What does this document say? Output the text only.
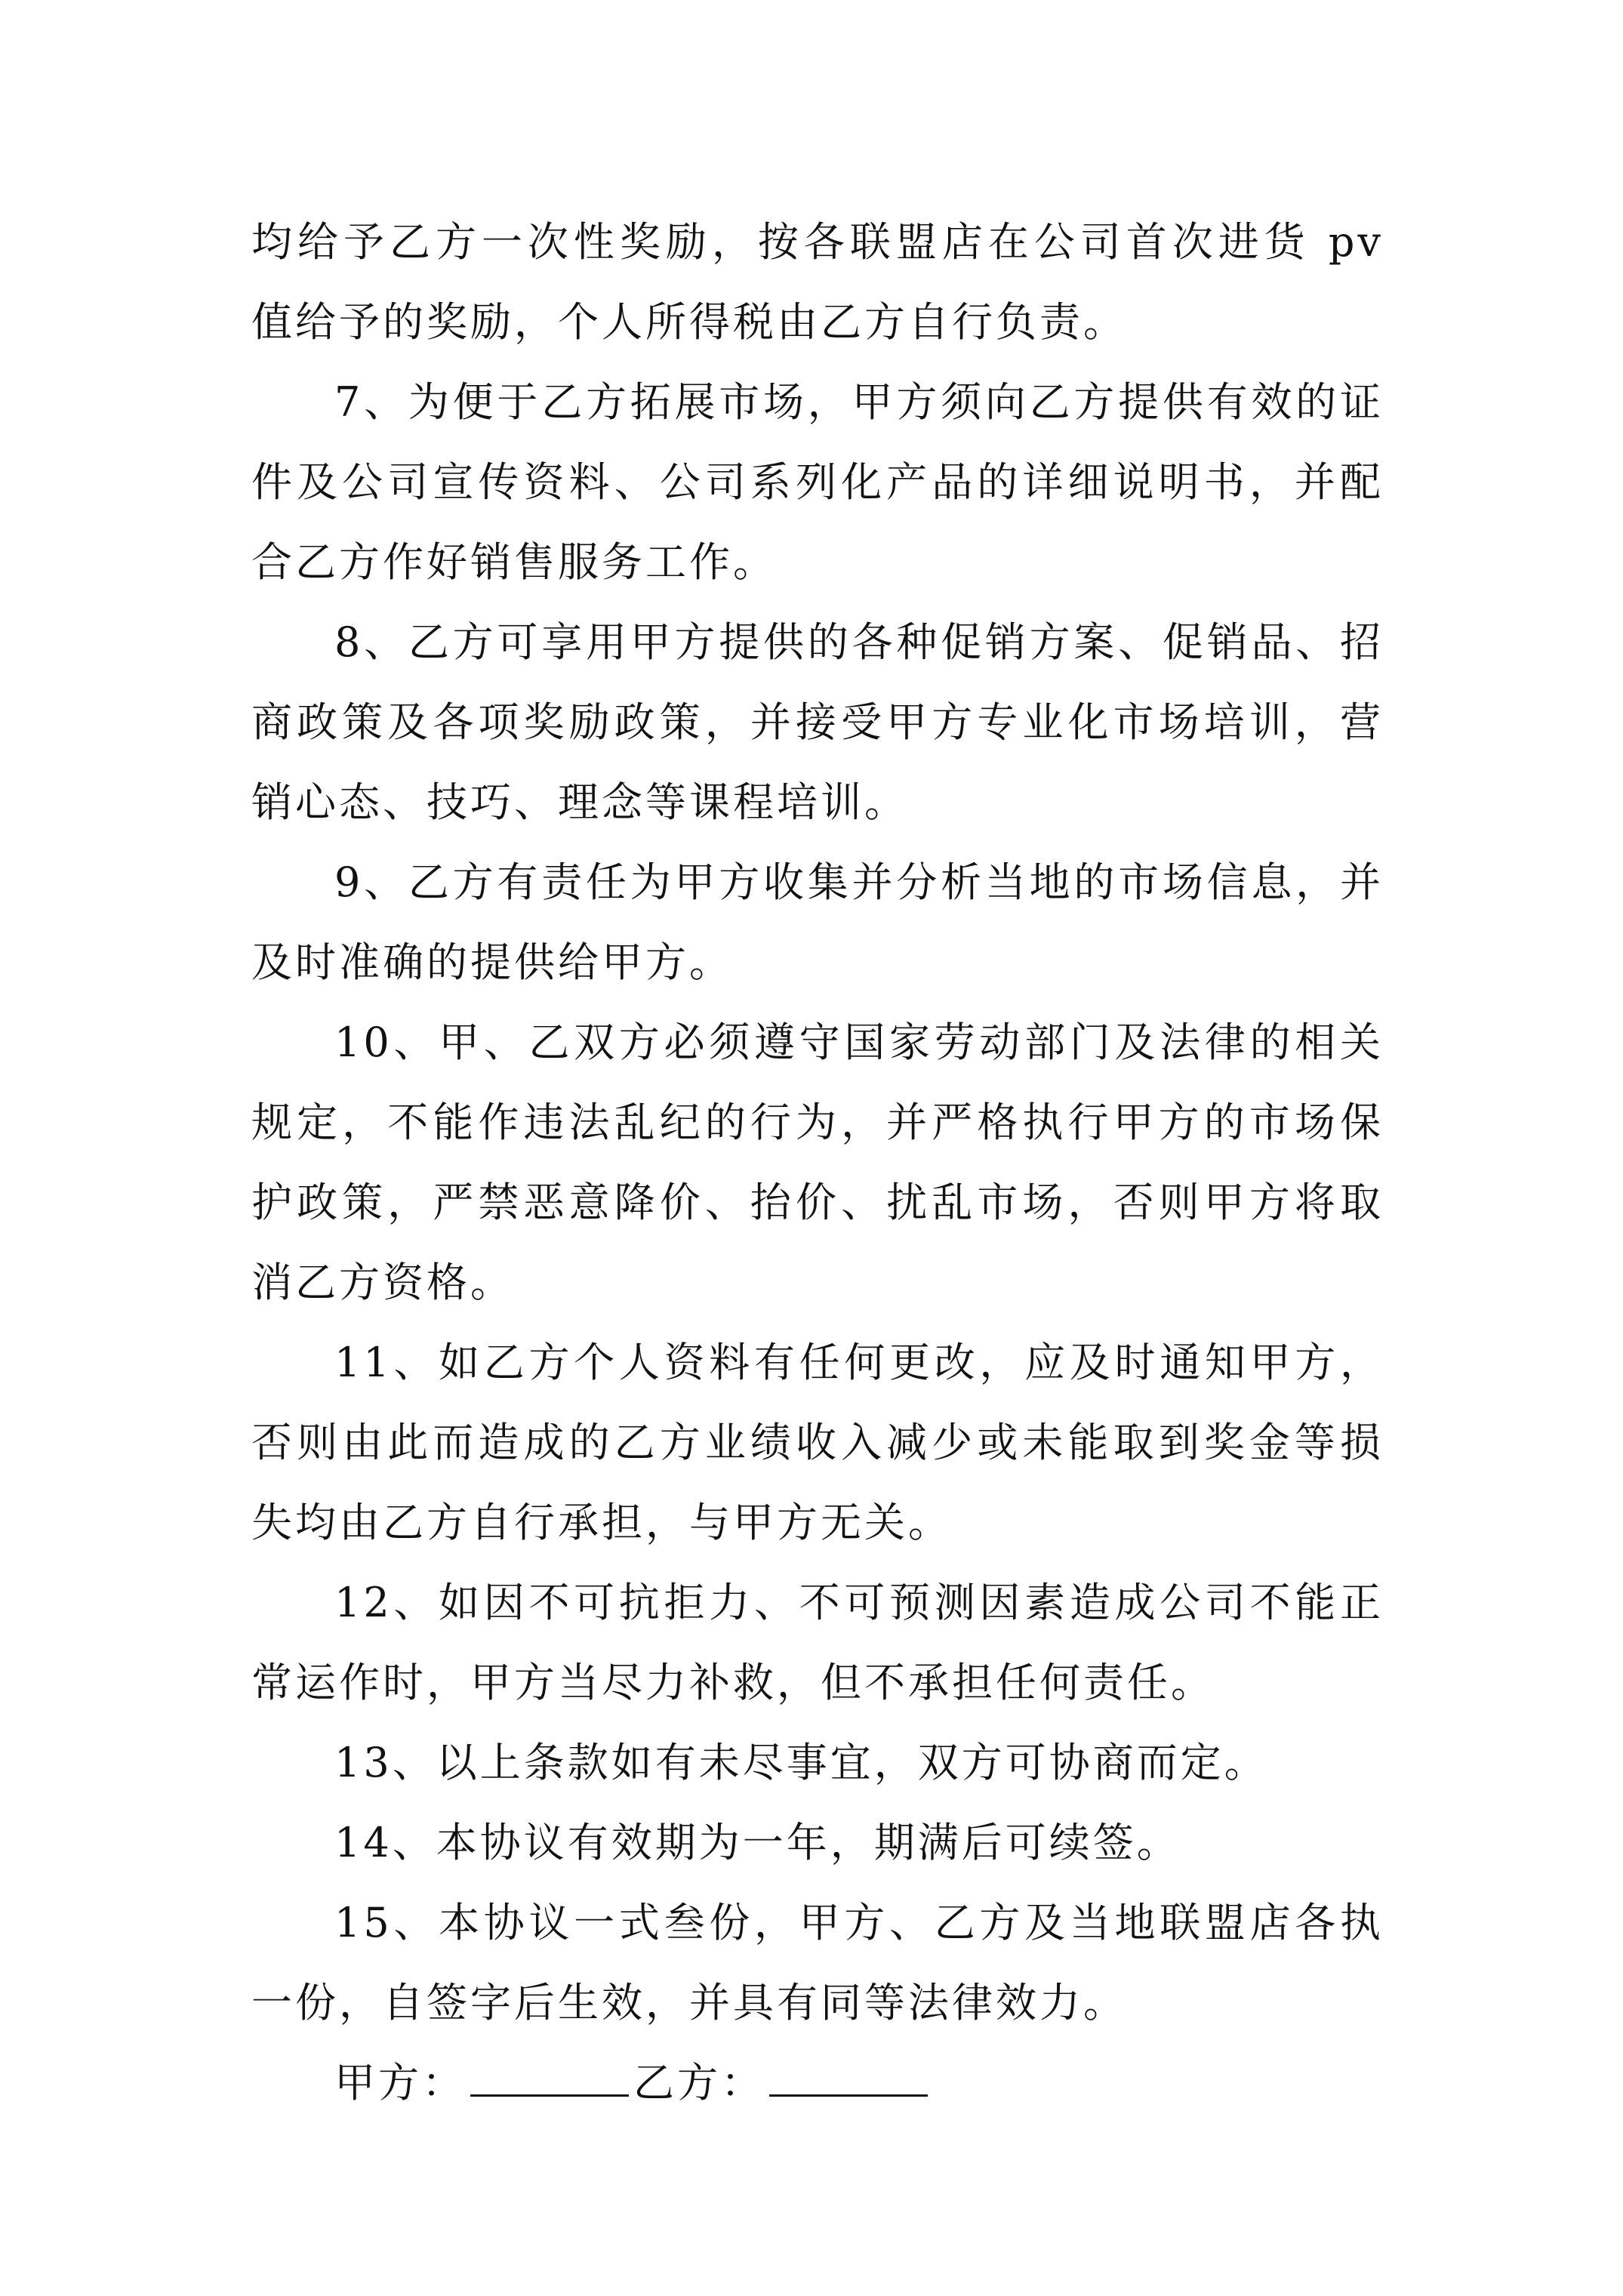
均给予乙方一次性奖励，按各联盟店在公司首次进货 pv 值给予的奖励，个人所得税由乙方自行负责。

7、为便于乙方拓展市场，甲方须向乙方提供有效的证件及公司宣传资料、公司系列化产品的详细说明书，并配合乙方作好销售服务工作。

8、乙方可享用甲方提供的各种促销方案、促销品、招商政策及各项奖励政策，并接受甲方专业化市场培训，营销心态、技巧、理念等课程培训。

9、乙方有责任为甲方收集并分析当地的市场信息，并及时准确的提供给甲方。

10、甲、乙双方必须遵守国家劳动部门及法律的相关规定，不能作违法乱纪的行为，并严格执行甲方的市场保护政策，严禁恶意降价、抬价、扰乱市场，否则甲方将取消乙方资格。

11、如乙方个人资料有任何更改，应及时通知甲方，否则由此而造成的乙方业绩收入减少或未能取到奖金等损失均由乙方自行承担，与甲方无关。

12、如因不可抗拒力、不可预测因素造成公司不能正常运作时，甲方当尽力补救，但不承担任何责任。

13、以上条款如有未尽事宜，双方可协商而定。

14、本协议有效期为一年，期满后可续签。

15、本协议一式叁份，甲方、乙方及当地联盟店各执一份，自签字后生效，并具有同等法律效力。

甲方：	乙方：
